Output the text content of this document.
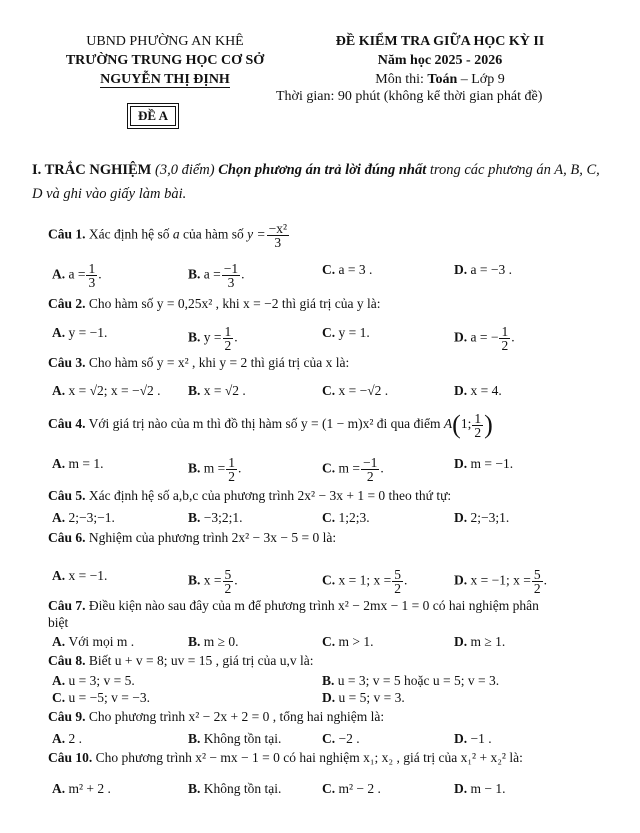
UBND PHƯỜNG AN KHÊ
TRƯỜNG TRUNG HỌC CƠ SỞ
NGUYỄN THỊ ĐỊNH
ĐỀ KIỂM TRA GIỮA HỌC KỲ II
Năm học 2025 - 2026
Môn thi: Toán – Lớp 9
Thời gian: 90 phút (không kể thời gian phát đề)
ĐỀ A
I. TRẮC NGHIỆM (3,0 điểm) Chọn phương án trả lời đúng nhất trong các phương án A, B, C, D và ghi vào giấy làm bài.
Câu 1. Xác định hệ số a của hàm số $y = \frac{\text{−x²}}{3}$
A. $a = \frac{1}{3}$ .	B. $a = \frac{-1}{3}$ .	C. a = 3 .	D. a = −3 .
Câu 2. Cho hàm số y = 0,25x² , khi x = −2 thì giá trị của y là:
A. y = −1.	B. $y = \frac{1}{2}$ .	C. y = 1.	D. a = − $\frac{1}{2}$ .
Câu 3. Cho hàm số y = x² , khi y = 2 thì giá trị của x là:
A. x = √2; x = −√2 . B. x = √2 .	C. x = −√2 .	D. x = 4.
Câu 4. Với giá trị nào của m thì đồ thị hàm số y = (1 − m)x² đi qua điểm A(1; $\frac{1}{2}$ )
A. m = 1.	B. $m = \frac{1}{2}$ .	C. $m = \frac{-1}{2}$ .	D. m = −1.
Câu 5. Xác định hệ số a,b,c của phương trình 2x² − 3x + 1 = 0 theo thứ tự:
A. 2;−3;−1.	B. −3;2;1.	C. 1;2;3.	D. 2;−3;1.
Câu 6. Nghiệm của phương trình 2x² − 3x − 5 = 0 là:
A. x = −1.	B. $x = \frac{5}{2}$ .	C. x = 1; $x = \frac{5}{2}$ .	D. x = −1; $x = \frac{5}{2}$ .
Câu 7. Điều kiện nào sau đây của m để phương trình x² − 2mx − 1 = 0 có hai nghiệm phân
biệt
A. Với mọi m .	B. m ≥ 0.	C. m > 1.	D. m ≥ 1.
Câu 8. Biết u + v = 8; uv = 15 , giá trị của u,v là:
A. u = 3; v = 5.	B. u = 3; v = 5 hoặc u = 5; v = 3.
C. u = −5; v = −3.	D. u = 5; v = 3.
Câu 9. Cho phương trình x² − 2x + 2 = 0 , tổng hai nghiệm là:
A. 2 .	B. Không tồn tại.	C. −2 .	D. −1 .
Câu 10. Cho phương trình x² − mx − 1 = 0 có hai nghiệm x₁; x₂ , giá trị của x₁² + x₂² là:
A. m² + 2 .	B. Không tồn tại.	C. m² − 2 .	D. m − 1.
